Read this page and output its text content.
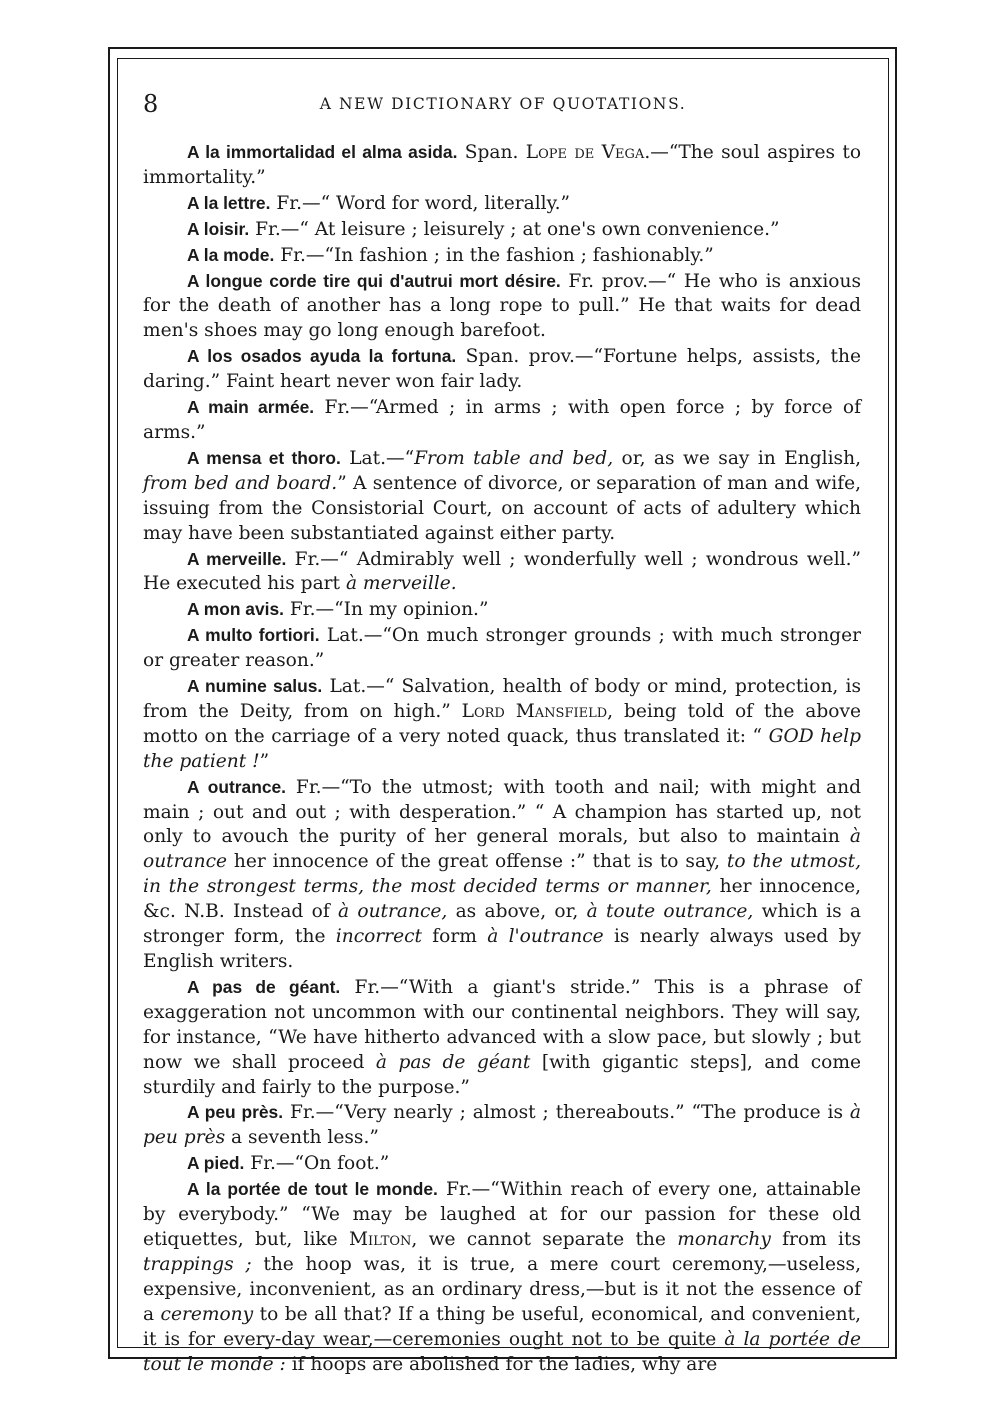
8	A NEW DICTIONARY OF QUOTATIONS.

A la immortalidad el alma asida. Span. Lope de Vega.—“The soul aspires to immortality.”

A la lettre. Fr.—“ Word for word, literally.”

A loisir. Fr.—“ At leisure ; leisurely ; at one's own convenience.”

A la mode. Fr.—“In fashion ; in the fashion ; fashionably.”

A longue corde tire qui d'autrui mort désire. Fr. prov.—“ He who is anxious for the death of another has a long rope to pull.” He that waits for dead men's shoes may go long enough barefoot.

A los osados ayuda la fortuna. Span. prov.—“Fortune helps, assists, the daring.” Faint heart never won fair lady.

A main armée. Fr.—“Armed ; in arms ; with open force ; by force of arms.”

A mensa et thoro. Lat.—“From table and bed, or, as we say in English, from bed and board.” A sentence of divorce, or separation of man and wife, issuing from the Consistorial Court, on account of acts of adultery which may have been substantiated against either party.

A merveille. Fr.—“ Admirably well ; wonderfully well ; wondrous well.” He executed his part à merveille.

A mon avis. Fr.—“In my opinion.”

A multo fortiori. Lat.—“On much stronger grounds ; with much stronger or greater reason.”

A numine salus. Lat.—“ Salvation, health of body or mind, protection, is from the Deity, from on high.” Lord Mansfield, being told of the above motto on the carriage of a very noted quack, thus translated it: “ GOD help the patient !”

A outrance. Fr.—“To the utmost; with tooth and nail; with might and main ; out and out ; with desperation.” “ A champion has started up, not only to avouch the purity of her general morals, but also to maintain à outrance her innocence of the great offense :” that is to say, to the utmost, in the strongest terms, the most decided terms or manner, her innocence, &c. N.B. Instead of à outrance, as above, or, à toute outrance, which is a stronger form, the incorrect form à l'outrance is nearly always used by English writers.

A pas de géant. Fr.—“With a giant's stride.” This is a phrase of exaggeration not uncommon with our continental neighbors. They will say, for instance, “We have hitherto advanced with a slow pace, but slowly ; but now we shall proceed à pas de géant [with gigantic steps], and come sturdily and fairly to the purpose.”

A peu près. Fr.—“Very nearly ; almost ; thereabouts.” “The produce is à peu près a seventh less.”

A pied. Fr.—“On foot.”

A la portée de tout le monde. Fr.—“Within reach of every one, attainable by everybody.” “We may be laughed at for our passion for these old etiquettes, but, like Milton, we cannot separate the monarchy from its trappings ; the hoop was, it is true, a mere court ceremony,—useless, expensive, inconvenient, as an ordinary dress,—but is it not the essence of a ceremony to be all that? If a thing be useful, economical, and convenient, it is for every-day wear,—ceremonies ought not to be quite à la portée de tout le monde : if hoops are abolished for the ladies, why are
